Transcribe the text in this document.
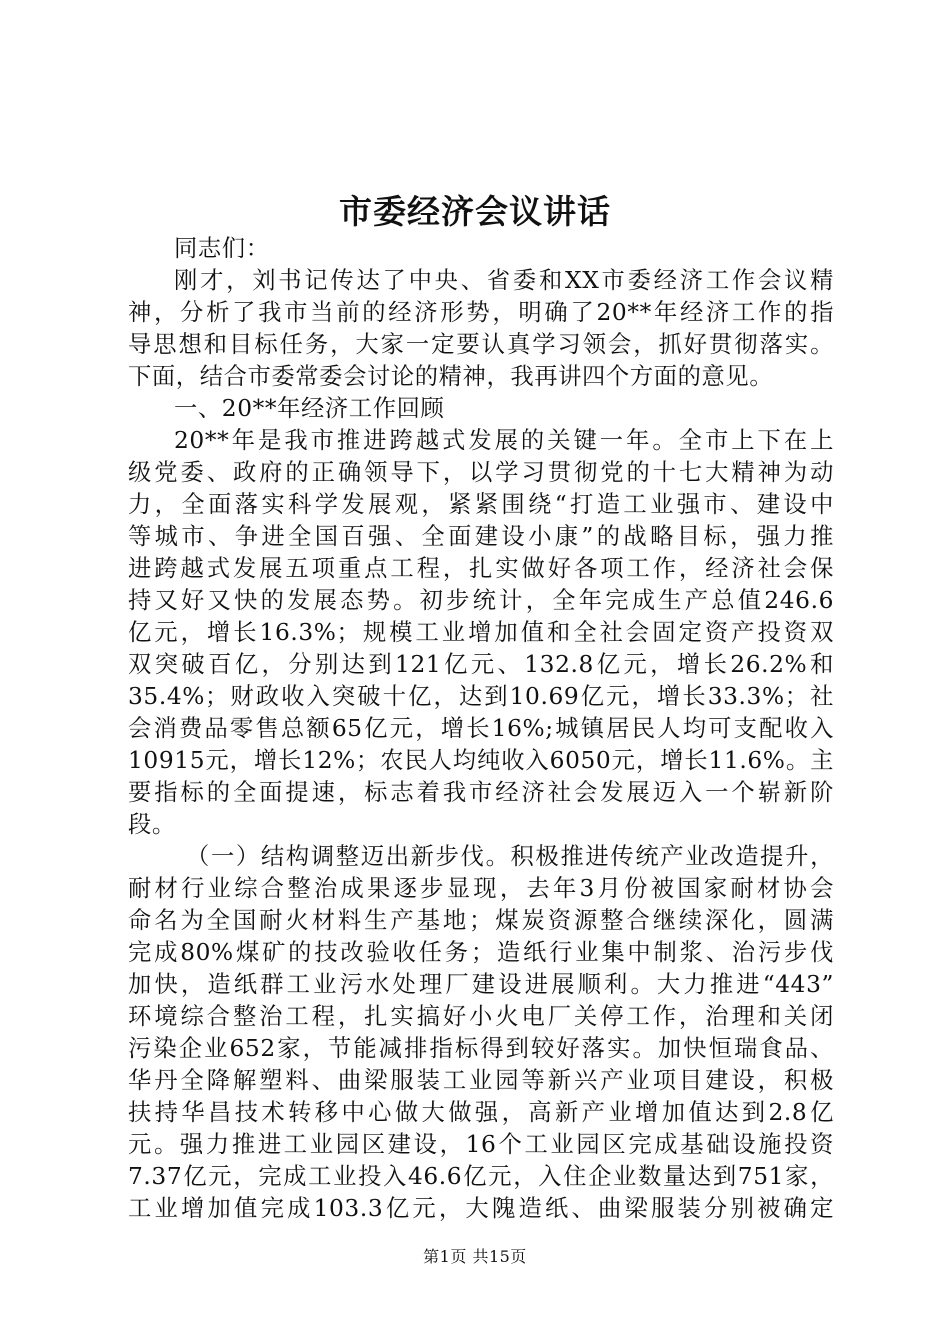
市委经济会议讲话
同志们：
刚才，刘书记传达了中央、省委和XX市委经济工作会议精
神，分析了我市当前的经济形势，明确了20**年经济工作的指
导思想和目标任务，大家一定要认真学习领会，抓好贯彻落实。
下面，结合市委常委会讨论的精神，我再讲四个方面的意见。
一、20**年经济工作回顾
20**年是我市推进跨越式发展的关键一年。全市上下在上
级党委、政府的正确领导下，以学习贯彻党的十七大精神为动
力，全面落实科学发展观，紧紧围绕“打造工业强市、建设中
等城市、争进全国百强、全面建设小康”的战略目标，强力推
进跨越式发展五项重点工程，扎实做好各项工作，经济社会保
持又好又快的发展态势。初步统计，全年完成生产总值246.6
亿元，增长16.3%；规模工业增加值和全社会固定资产投资双
双突破百亿，分别达到121亿元、132.8亿元，增长26.2%和
35.4%；财政收入突破十亿，达到10.69亿元，增长33.3%；社
会消费品零售总额65亿元，增长16%;城镇居民人均可支配收入
10915元，增长12%；农民人均纯收入6050元，增长11.6%。主
要指标的全面提速，标志着我市经济社会发展迈入一个崭新阶
段。
（一）结构调整迈出新步伐。积极推进传统产业改造提升，
耐材行业综合整治成果逐步显现，去年3月份被国家耐材协会
命名为全国耐火材料生产基地；煤炭资源整合继续深化，圆满
完成80%煤矿的技改验收任务；造纸行业集中制浆、治污步伐
加快，造纸群工业污水处理厂建设进展顺利。大力推进“443”
环境综合整治工程，扎实搞好小火电厂关停工作，治理和关闭
污染企业652家，节能减排指标得到较好落实。加快恒瑞食品、
华丹全降解塑料、曲梁服装工业园等新兴产业项目建设，积极
扶持华昌技术转移中心做大做强，高新产业增加值达到2.8亿
元。强力推进工业园区建设，16个工业园区完成基础设施投资
7.37亿元，完成工业投入46.6亿元，入住企业数量达到751家，
工业增加值完成103.3亿元，大隗造纸、曲梁服装分别被确定
第1页 共15页
